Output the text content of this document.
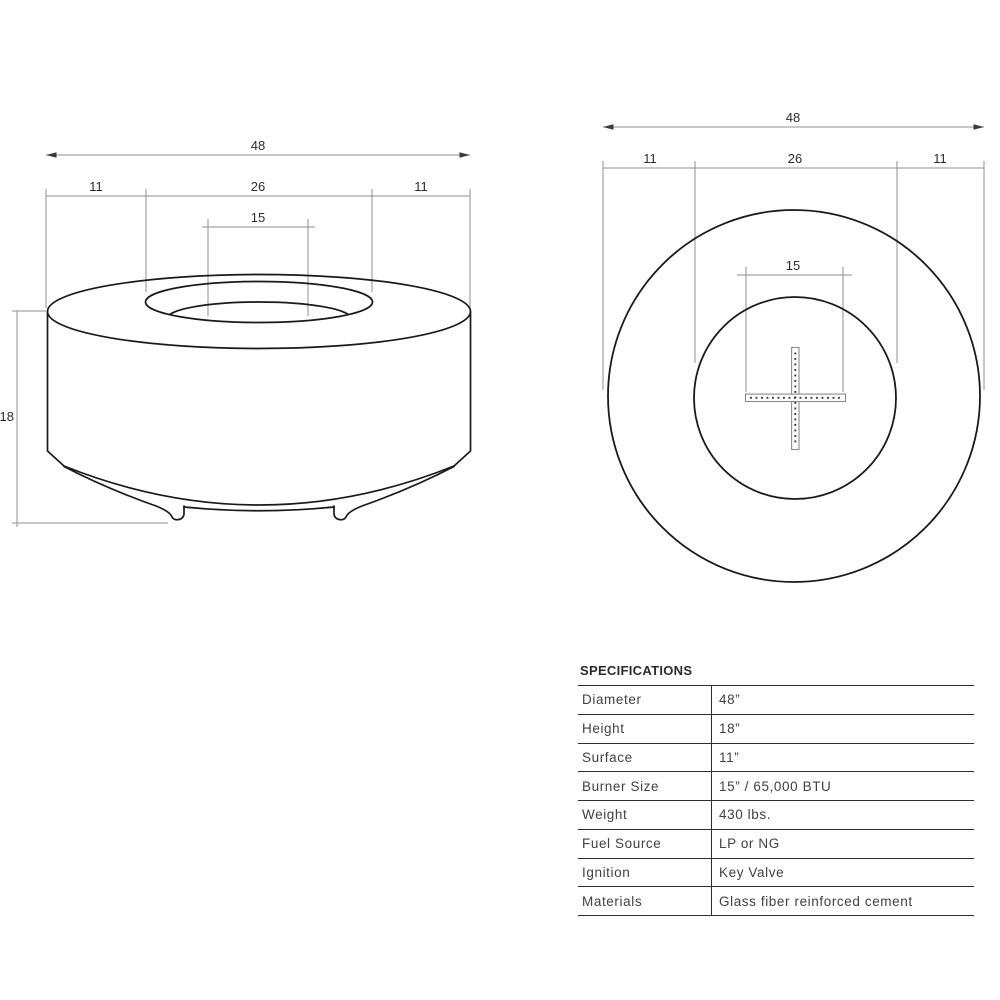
48
11	26	11
15
18
48
11	26	11
15
SPECIFICATIONS
Diameter	48”
Height	18”
Surface	11”
Burner Size	15” / 65,000 BTU
Weight	430 lbs.
Fuel Source	LP or NG
Ignition	Key Valve
Materials	Glass fiber reinforced cement
